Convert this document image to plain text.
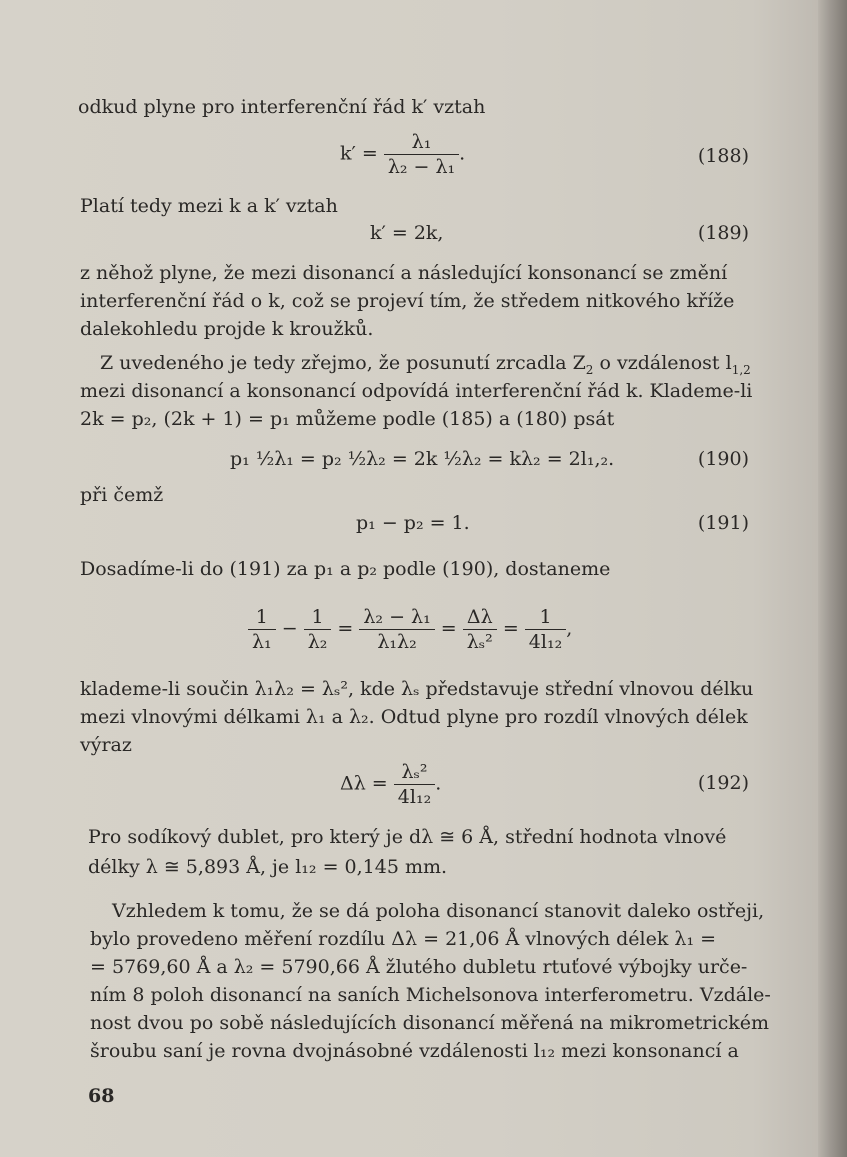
odkud plyne pro interferenční řád k′ vztah
$k' = \frac{\text{λ₁}}{\text{λ₂ − λ₁}}$ .	(188)
Platí tedy mezi k a k′ vztah
k′ = 2k,	(189)
z něhož plyne, že mezi disonancí a následující konsonancí se změní
interferenční řád o k, což se projeví tím, že středem nitkového kříže
dalekohledu projde k kroužků.
Z uvedeného je tedy zřejmo, že posunutí zrcadla $Z_2$ o vzdálenost $l_{1,2}$
mezi disonancí a konsonancí odpovídá interferenční řád k. Klademe-li
2k = p₂, (2k + 1) = p₁ můžeme podle (185) a (180) psát
p₁ ½λ₁ = p₂ ½λ₂ = 2k ½λ₂ = kλ₂ = 2l₁,₂.	(190)
při čemž
p₁ − p₂ = 1.	(191)
Dosadíme-li do (191) za p₁ a p₂ podle (190), dostaneme
$\frac{1}{\text{λ₁}} - \frac{1}{\text{λ₂}} = \frac{\text{λ₂ − λ₁}}{\text{λ₁λ₂}} = \frac{\Delta\lambda}{\text{λₛ²}} = \frac{1}{\text{4l₁₂}}$ ,
klademe-li součin λ₁λ₂ = λₛ², kde λₛ představuje střední vlnovou délku
mezi vlnovými délkami λ₁ a λ₂. Odtud plyne pro rozdíl vlnových délek
výraz
$\Delta\lambda = \frac{\text{λₛ²}}{\text{4l₁₂}}$ .	(192)
Pro sodíkový dublet, pro který je dλ ≅ 6 Å, střední hodnota vlnové
délky λ ≅ 5,893 Å, je l₁₂ = 0,145 mm.
Vzhledem k tomu, že se dá poloha disonancí stanovit daleko ostřeji,
bylo provedeno měření rozdílu Δλ = 21,06 Å vlnových délek λ₁ =
= 5769,60 Å a λ₂ = 5790,66 Å žlutého dubletu rtuťové výbojky urče-
ním 8 poloh disonancí na saních Michelsonova interferometru. Vzdále-
nost dvou po sobě následujících disonancí měřená na mikrometrickém
šroubu saní je rovna dvojnásobné vzdálenosti l₁₂ mezi konsonancí a
68
